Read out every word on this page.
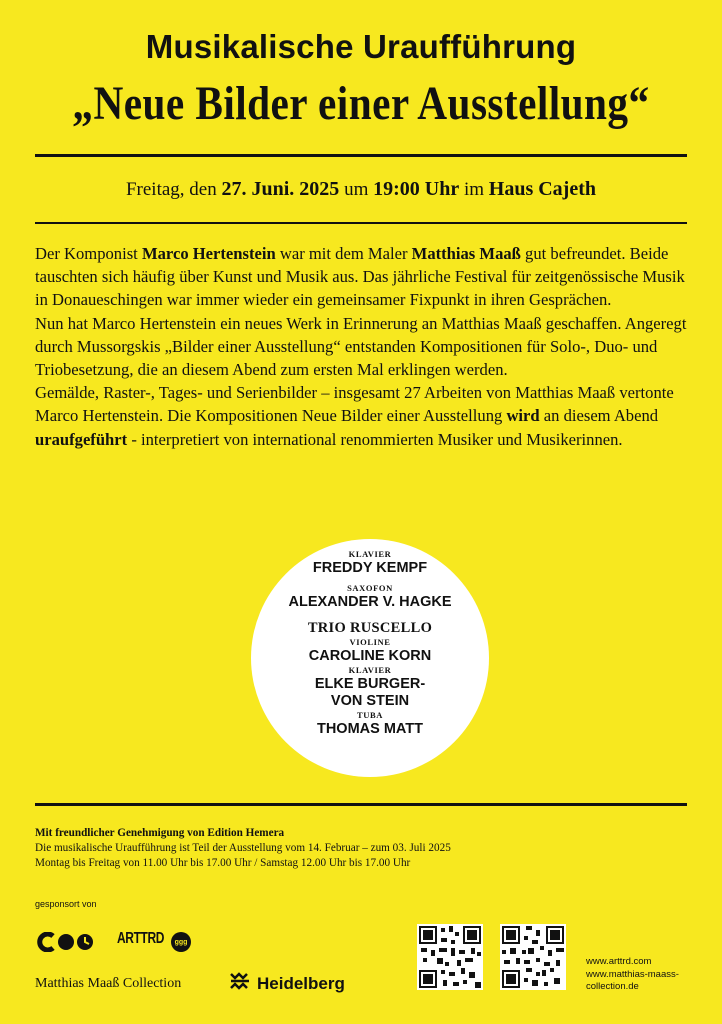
Musikalische Uraufführung
„Neue Bilder einer Ausstellung“
Freitag, den 27. Juni. 2025 um 19:00 Uhr im Haus Cajeth

Der Komponist Marco Hertenstein war mit dem Maler Matthias Maaß gut befreundet. Beide tauschten sich häufig über Kunst und Musik aus. Das jährliche Festival für zeitgenössische Musik in Donaueschingen war immer wieder ein gemeinsamer Fixpunkt in ihren Gesprächen.

Nun hat Marco Hertenstein ein neues Werk in Erinnerung an Matthias Maaß geschaffen. Angeregt durch Mussorgskis „Bilder einer Ausstellung“ entstanden Kompositionen für Solo-, Duo- und Triobesetzung, die an diesem Abend zum ersten Mal erklingen werden.

Gemälde, Raster-, Tages- und Serienbilder – insgesamt 27 Arbeiten von Matthias Maaß vertonte Marco Hertenstein. Die Kompositionen Neue Bilder einer Ausstellung wird an diesem Abend uraufgeführt - interpretiert von international renommierten Musiker und Musikerinnen.

KLAVIER
FREDDY KEMPF
SAXOFON
ALEXANDER V. HAGKE
TRIO RUSCELLO
VIOLINE
CAROLINE KORN
KLAVIER
ELKE BURGER-
VON STEIN
TUBA
THOMAS MATT
Mit freundlicher Genehmigung von Edition Hemera
Die musikalische Uraufführung ist Teil der Ausstellung vom 14. Februar – zum 03. Juli 2025
Montag bis Freitag von 11.00 Uhr bis 17.00 Uhr / Samstag 12.00 Uhr bis 17.00 Uhr
gesponsort von
ARTTRD	ggg
Matthias Maaß Collection	Heidelberg
www.arttrd.com
www.matthias-maass-
collection.de
